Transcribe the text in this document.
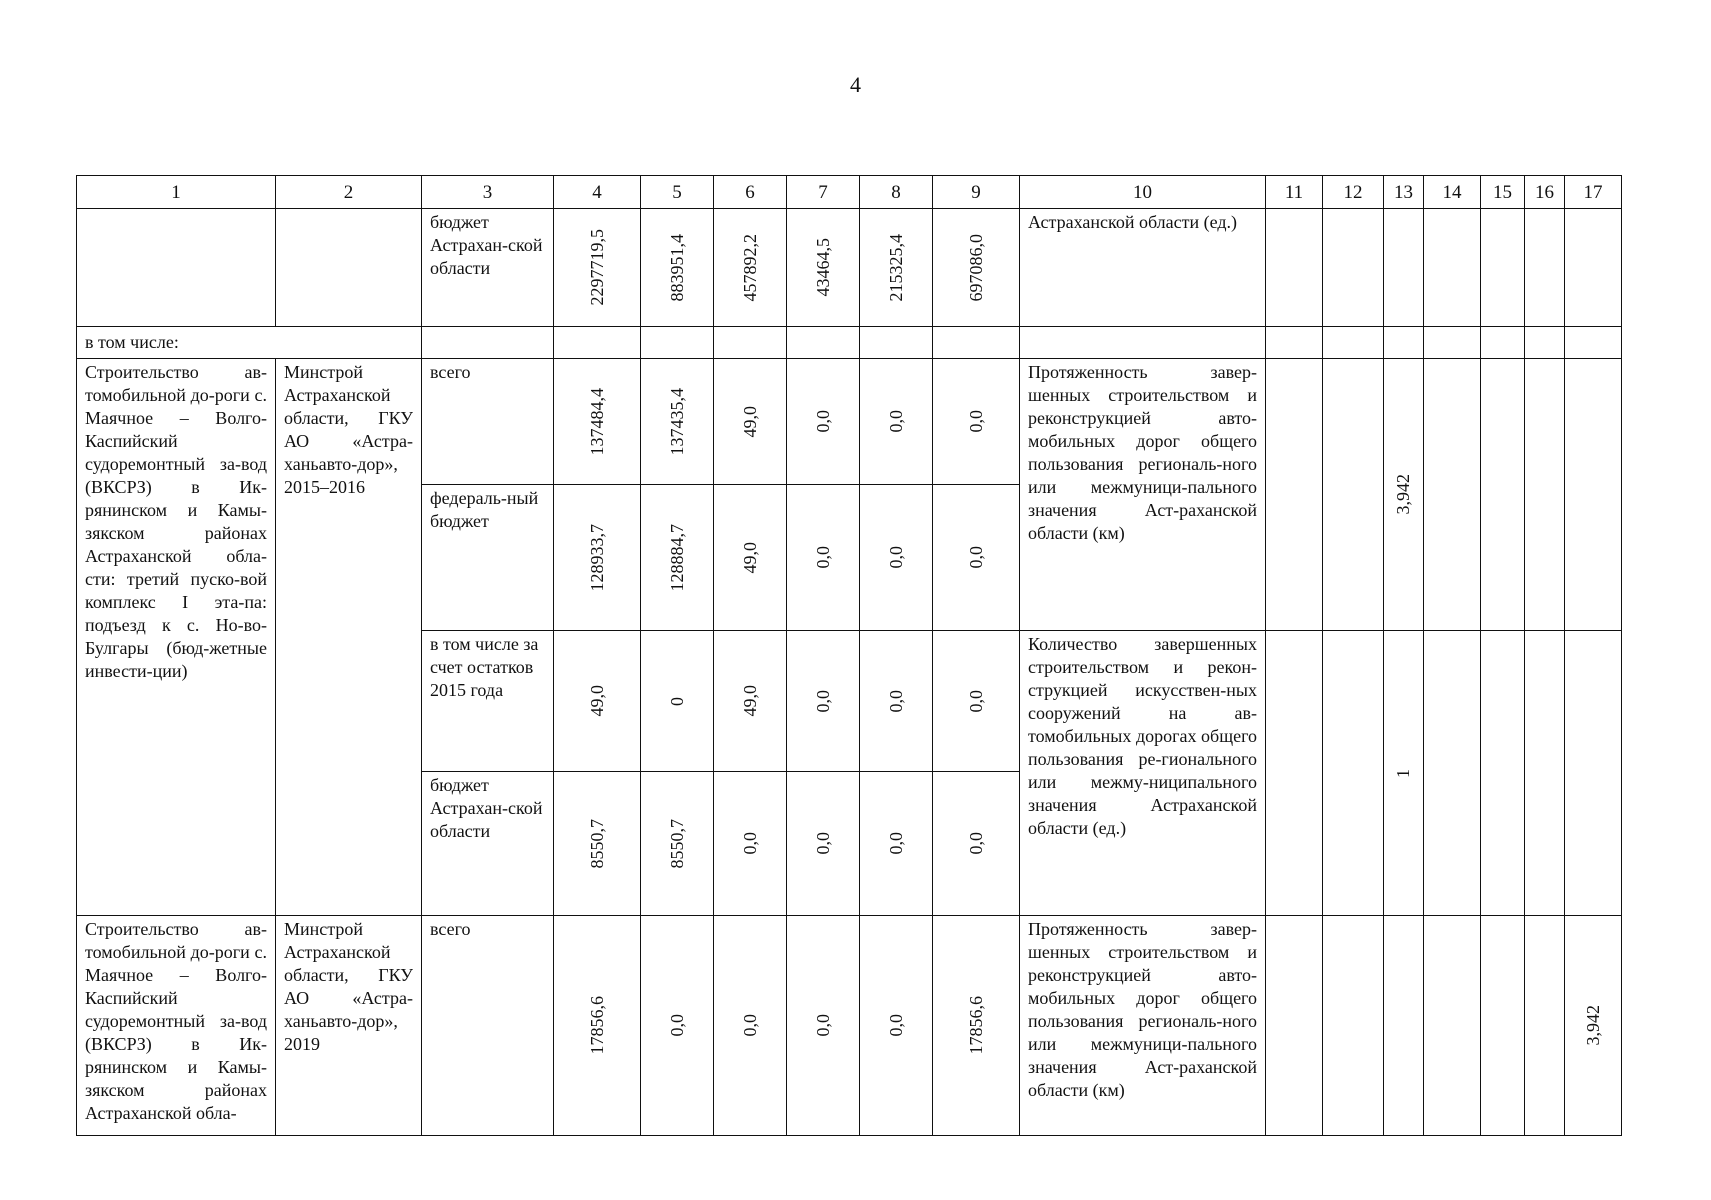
4
1	2	3	4	5	6	7	8	9	10	11	12	13	14	15	16	17
		бюджет Астрахан-ской области	2297719,5	883951,4	457892,2	43464,5	215325,4	697086,0	Астраханской области (ед.)							
в том числе:																
Строительство ав-томобильной до-роги с. Маячное – Волго-Каспийский судоремонтный за-вод (ВКСРЗ) в Ик-рянинском и Камы-зякском районах Астраханской обла-сти: третий пуско-вой комплекс I эта-па: подъезд к с. Но-во-Булгары (бюд-жетные инвести-ции)	Минстрой Астраханской области, ГКУ АО «Астра-ханьавто-дор», 2015–2016	всего	137484,4	137435,4	49,0	0,0	0,0	0,0	Протяженность завер-шенных строительством и реконструкцией авто-мобильных дорог общего пользования региональ-ного или межмуници-пального значения Аст-раханской области (км)			3,942				

		федераль-ный бюджет	128933,7	128884,7	49,0	0,0	0,0	0,0								

		в том числе за счет остатков 2015 года	49,0	0	49,0	0,0	0,0	0,0	Количество завершенных строительством и рекон-струкцией искусствен-ных сооружений на ав-томобильных дорогах общего пользования ре-гионального или межму-ниципального значения Астраханской области (ед.)			1				

		бюджет Астрахан-ской области	8550,7	8550,7	0,0	0,0	0,0	0,0								

Строительство ав-томобильной до-роги с. Маячное – Волго-Каспийский судоремонтный за-вод (ВКСРЗ) в Ик-рянинском и Камы-зякском районах Астраханской обла-	Минстрой Астраханской области, ГКУ АО «Астра-ханьавто-дор», 2019	всего	17856,6	0,0	0,0	0,0	0,0	17856,6	Протяженность завер-шенных строительством и реконструкцией авто-мобильных дорог общего пользования региональ-ного или межмуници-пального значения Аст-раханской области (км)							3,942
